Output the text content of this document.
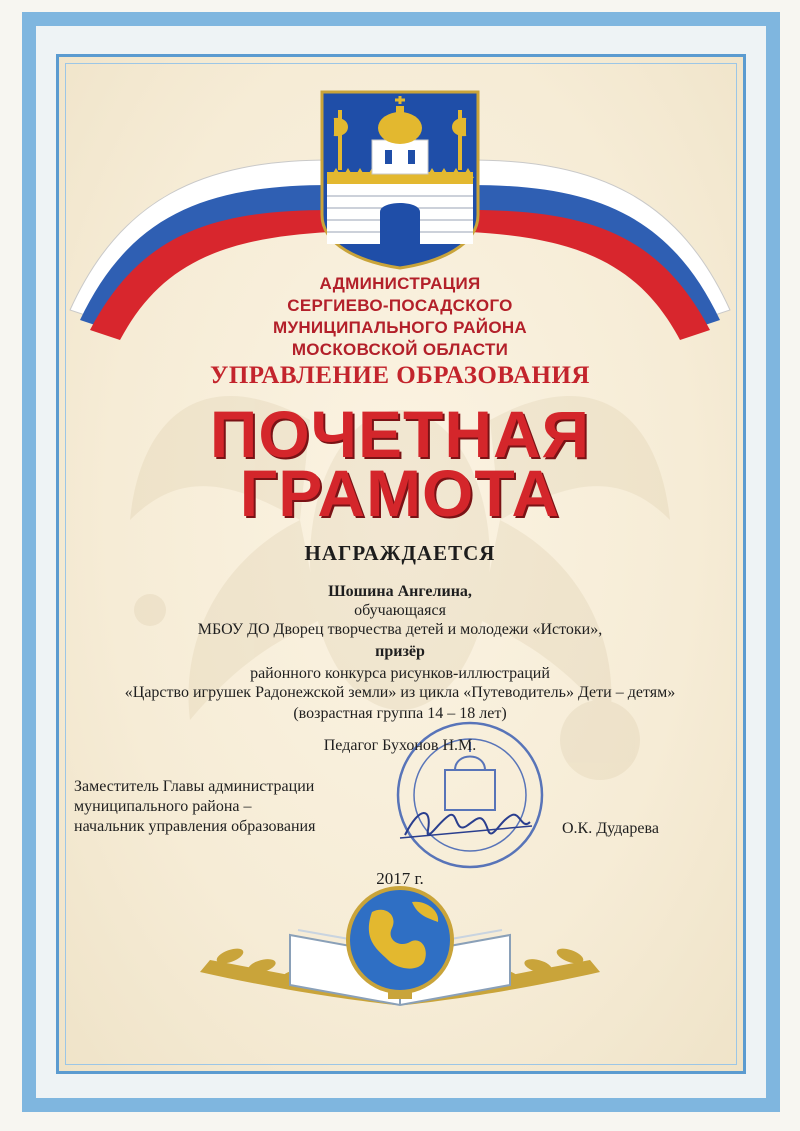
АДМИНИСТРАЦИЯ
СЕРГИЕВО-ПОСАДСКОГО
МУНИЦИПАЛЬНОГО РАЙОНА
МОСКОВСКОЙ ОБЛАСТИ
УПРАВЛЕНИЕ ОБРАЗОВАНИЯ
ПОЧЕТНАЯ
ГРАМОТА
НАГРАЖДАЕТСЯ
Шошина Ангелина,
обучающаяся
МБОУ ДО Дворец творчества детей и молодежи «Истоки»,
призёр
районного конкурса рисунков-иллюстраций
«Царство игрушек Радонежской земли» из цикла «Путеводитель» Дети – детям»
(возрастная группа 14 – 18 лет)
Педагог Бухонов Н.М.
Заместитель Главы администрации
муниципального района –
начальник управления образования	О.К. Дударева
2017 г.
